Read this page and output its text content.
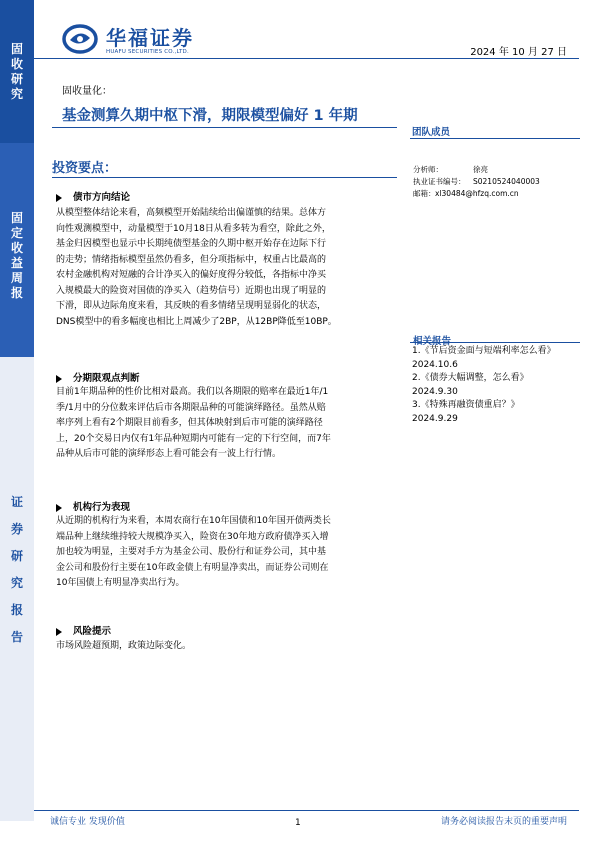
固
收
研
究
固
定
收
益
周
报
证
券
研
究
报
告
华福证券
HUAFU SECURITIES CO.,LTD.	2024 年 10 月 27 日
固收量化：
基金测算久期中枢下滑，期限模型偏好 1 年期
团队成员
投资要点：	分析师：	徐亮
执业证书编号：	S0210524040003
邮箱： xl30484@hfzq.com.cn
1.《节后资金面与短端利率怎么看》
2024.10.6
2.《债券大幅调整，怎么看》
2024.9.30
3.《特殊再融资债重启？》
2024.9.29
债市方向结论
从模型整体结论来看，高频模型开始陆续给出偏谨慎的结果。总体方
向性观测模型中，动量模型于10月18日从看多转为看空，除此之外，
基金归因模型也显示中长期纯债型基金的久期中枢开始存在边际下行
的走势；情绪指标模型虽然仍看多，但分项指标中，权重占比最高的
农村金融机构对短融的合计净买入的偏好度得分较低，各指标中净买
入规模最大的险资对国债的净买入（趋势信号）近期也出现了明显的
下滑，即从边际角度来看，其反映的看多情绪呈现明显弱化的状态，
DNS模型中的看多幅度也相比上周减少了2BP，从12BP降低至10BP。
分期限观点判断
目前1年期品种的性价比相对最高。我们以各期限的赔率在最近1年/1
季/1月中的分位数来评估后市各期限品种的可能演绎路径。虽然从赔
率序列上看有2个期限目前看多，但其体映射到后市可能的演绎路径
上，20个交易日内仅有1年品种短期内可能有一定的下行空间，而7年
品种从后市可能的演绎形态上看可能会有一波上行行情。
机构行为表现
从近期的机构行为来看，本周农商行在10年国债和10年国开债两类长
端品种上继续维持较大规模净买入，险资在30年地方政府债净买入增
加也较为明显，主要对手方为基金公司、股份行和证券公司，其中基
金公司和股份行主要在10年政金债上有明显净卖出，而证券公司则在
10年国债上有明显净卖出行为。
风险提示
市场风险超预期，政策边际变化。
诚信专业 发现价值	1	请务必阅读报告末页的重要声明
